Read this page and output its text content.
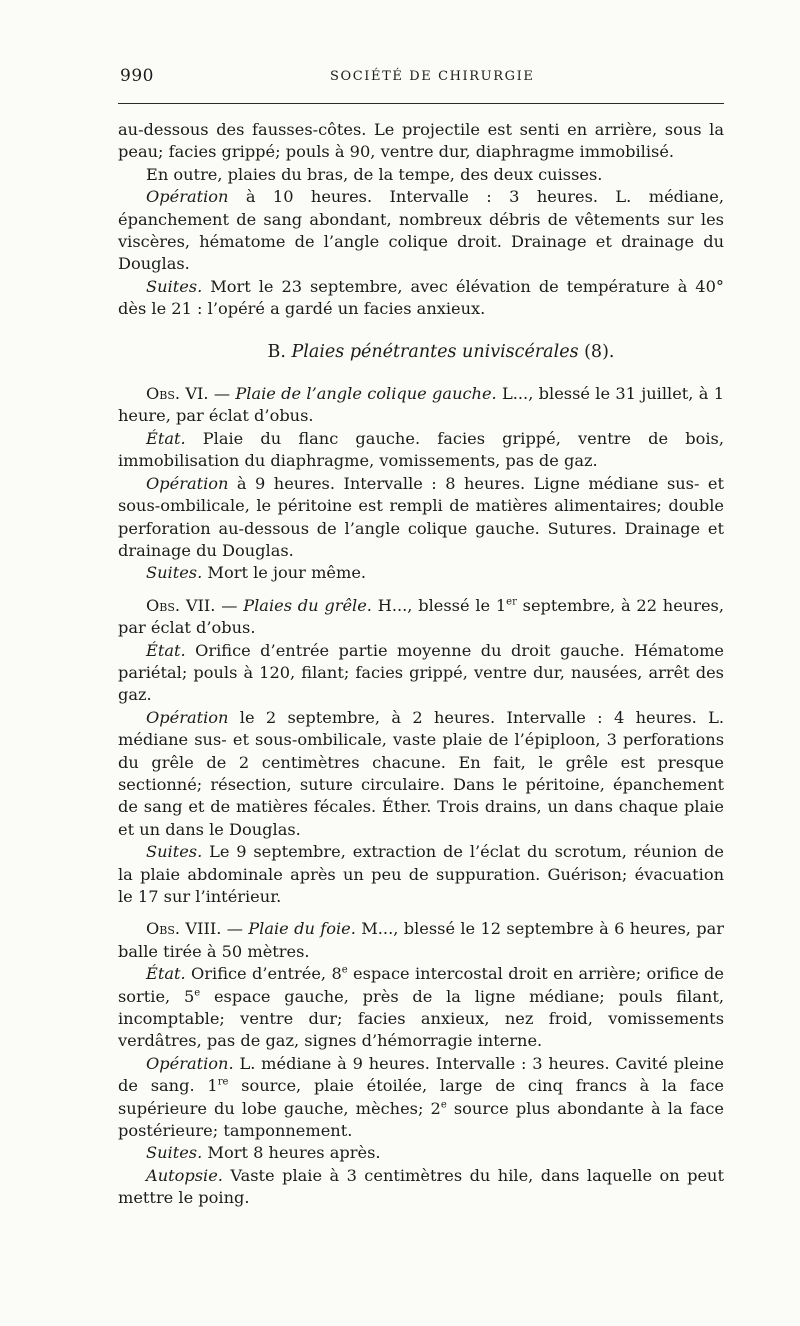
990	SOCIÉTÉ DE CHIRURGIE

au-dessous des fausses-côtes. Le projectile est senti en arrière, sous la peau; facies grippé; pouls à 90, ventre dur, diaphragme immobilisé.

En outre, plaies du bras, de la tempe, des deux cuisses.

Opération à 10 heures. Intervalle : 3 heures. L. médiane, épanchement de sang abondant, nombreux débris de vêtements sur les viscères, hématome de l’angle colique droit. Drainage et drainage du Douglas.

Suites. Mort le 23 septembre, avec élévation de température à 40° dès le 21 : l’opéré a gardé un facies anxieux.

B. Plaies pénétrantes univiscérales (8).

Obs. VI. — Plaie de l’angle colique gauche. L..., blessé le 31 juillet, à 1 heure, par éclat d’obus.

État. Plaie du flanc gauche. facies grippé, ventre de bois, immobilisation du diaphragme, vomissements, pas de gaz.

Opération à 9 heures. Intervalle : 8 heures. Ligne médiane sus- et sous-ombilicale, le péritoine est rempli de matières alimentaires; double perforation au-dessous de l’angle colique gauche. Sutures. Drainage et drainage du Douglas.

Suites. Mort le jour même.

Obs. VII. — Plaies du grêle. H..., blessé le 1er septembre, à 22 heures, par éclat d’obus.

État. Orifice d’entrée partie moyenne du droit gauche. Hématome pariétal; pouls à 120, filant; facies grippé, ventre dur, nausées, arrêt des gaz.

Opération le 2 septembre, à 2 heures. Intervalle : 4 heures. L. médiane sus- et sous-ombilicale, vaste plaie de l’épiploon, 3 perforations du grêle de 2 centimètres chacune. En fait, le grêle est presque sectionné; résection, suture circulaire. Dans le péritoine, épanchement de sang et de matières fécales. Éther. Trois drains, un dans chaque plaie et un dans le Douglas.

Suites. Le 9 septembre, extraction de l’éclat du scrotum, réunion de la plaie abdominale après un peu de suppuration. Guérison; évacuation le 17 sur l’intérieur.

Obs. VIII. — Plaie du foie. M..., blessé le 12 septembre à 6 heures, par balle tirée à 50 mètres.

État. Orifice d’entrée, 8e espace intercostal droit en arrière; orifice de sortie, 5e espace gauche, près de la ligne médiane; pouls filant, incomptable; ventre dur; facies anxieux, nez froid, vomissements verdâtres, pas de gaz, signes d’hémorragie interne.

Opération. L. médiane à 9 heures. Intervalle : 3 heures. Cavité pleine de sang. 1re source, plaie étoilée, large de cinq francs à la face supérieure du lobe gauche, mèches; 2e source plus abondante à la face postérieure; tamponnement.

Suites. Mort 8 heures après.

Autopsie. Vaste plaie à 3 centimètres du hile, dans laquelle on peut mettre le poing.
